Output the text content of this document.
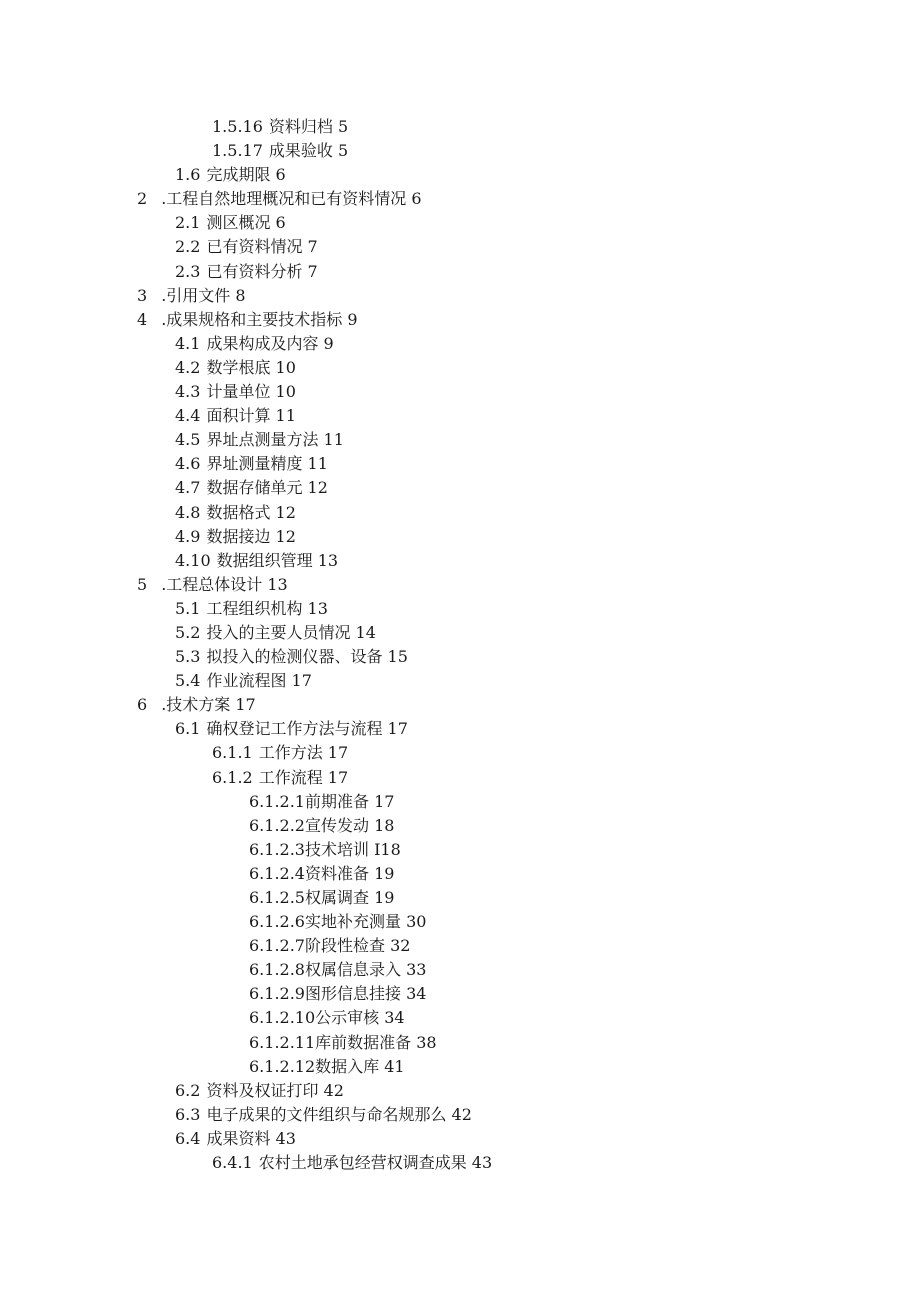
1.5.16 资料归档 5
1.5.17 成果验收 5
1.6 完成期限 6
2 .工程自然地理概况和已有资料情况 6
2.1 测区概况 6
2.2 已有资料情况 7
2.3 已有资料分析 7
3 .引用文件 8
4 .成果规格和主要技术指标 9
4.1 成果构成及内容 9
4.2 数学根底 10
4.3 计量单位 10
4.4 面积计算 11
4.5 界址点测量方法 11
4.6 界址测量精度 11
4.7 数据存储单元 12
4.8 数据格式 12
4.9 数据接边 12
4.10 数据组织管理 13
5 .工程总体设计 13
5.1 工程组织机构 13
5.2 投入的主要人员情况 14
5.3 拟投入的检测仪器、设备 15
5.4 作业流程图 17
6 .技术方案 17
6.1 确权登记工作方法与流程 17
6.1.1 工作方法 17
6.1.2 工作流程 17
6.1.2.1前期准备 17
6.1.2.2宣传发动 18
6.1.2.3技术培训 I18
6.1.2.4资料准备 19
6.1.2.5权属调查 19
6.1.2.6实地补充测量 30
6.1.2.7阶段性检查 32
6.1.2.8权属信息录入 33
6.1.2.9图形信息挂接 34
6.1.2.10公示审核 34
6.1.2.11库前数据准备 38
6.1.2.12数据入库 41
6.2 资料及权证打印 42
6.3 电子成果的文件组织与命名规那么 42
6.4 成果资料 43
6.4.1 农村土地承包经营权调查成果 43
